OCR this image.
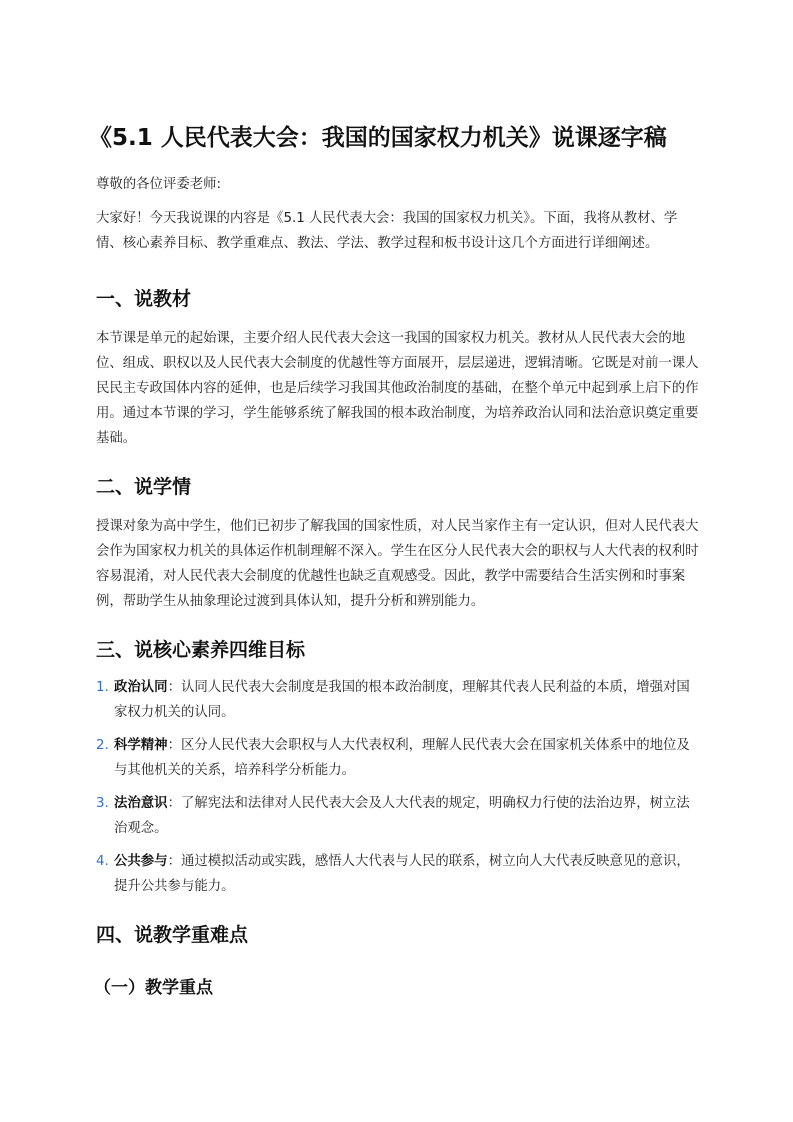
《5.1 人民代表大会：我国的国家权力机关》说课逐字稿

尊敬的各位评委老师:

大家好！今天我说课的内容是《5.1 人民代表大会：我国的国家权力机关》。下面，我将从教材、学情、核心素养目标、教学重难点、教法、学法、教学过程和板书设计这几个方面进行详细阐述。

一、说教材

本节课是单元的起始课，主要介绍人民代表大会这一我国的国家权力机关。教材从人民代表大会的地位、组成、职权以及人民代表大会制度的优越性等方面展开，层层递进，逻辑清晰。它既是对前一课人民民主专政国体内容的延伸，也是后续学习我国其他政治制度的基础，在整个单元中起到承上启下的作用。通过本节课的学习，学生能够系统了解我国的根本政治制度，为培养政治认同和法治意识奠定重要基础。

二、说学情

授课对象为高中学生，他们已初步了解我国的国家性质，对人民当家作主有一定认识，但对人民代表大会作为国家权力机关的具体运作机制理解不深入。学生在区分人民代表大会的职权与人大代表的权利时容易混淆，对人民代表大会制度的优越性也缺乏直观感受。因此，教学中需要结合生活实例和时事案例，帮助学生从抽象理论过渡到具体认知，提升分析和辨别能力。

三、说核心素养四维目标
1. 政治认同：认同人民代表大会制度是我国的根本政治制度，理解其代表人民利益的本质，增强对国家权力机关的认同。
2. 科学精神：区分人民代表大会职权与人大代表权利，理解人民代表大会在国家机关体系中的地位及与其他机关的关系，培养科学分析能力。
3. 法治意识：了解宪法和法律对人民代表大会及人大代表的规定，明确权力行使的法治边界，树立法治观念。
4. 公共参与：通过模拟活动或实践，感悟人大代表与人民的联系，树立向人大代表反映意见的意识，提升公共参与能力。
四、说教学重难点
（一）教学重点
